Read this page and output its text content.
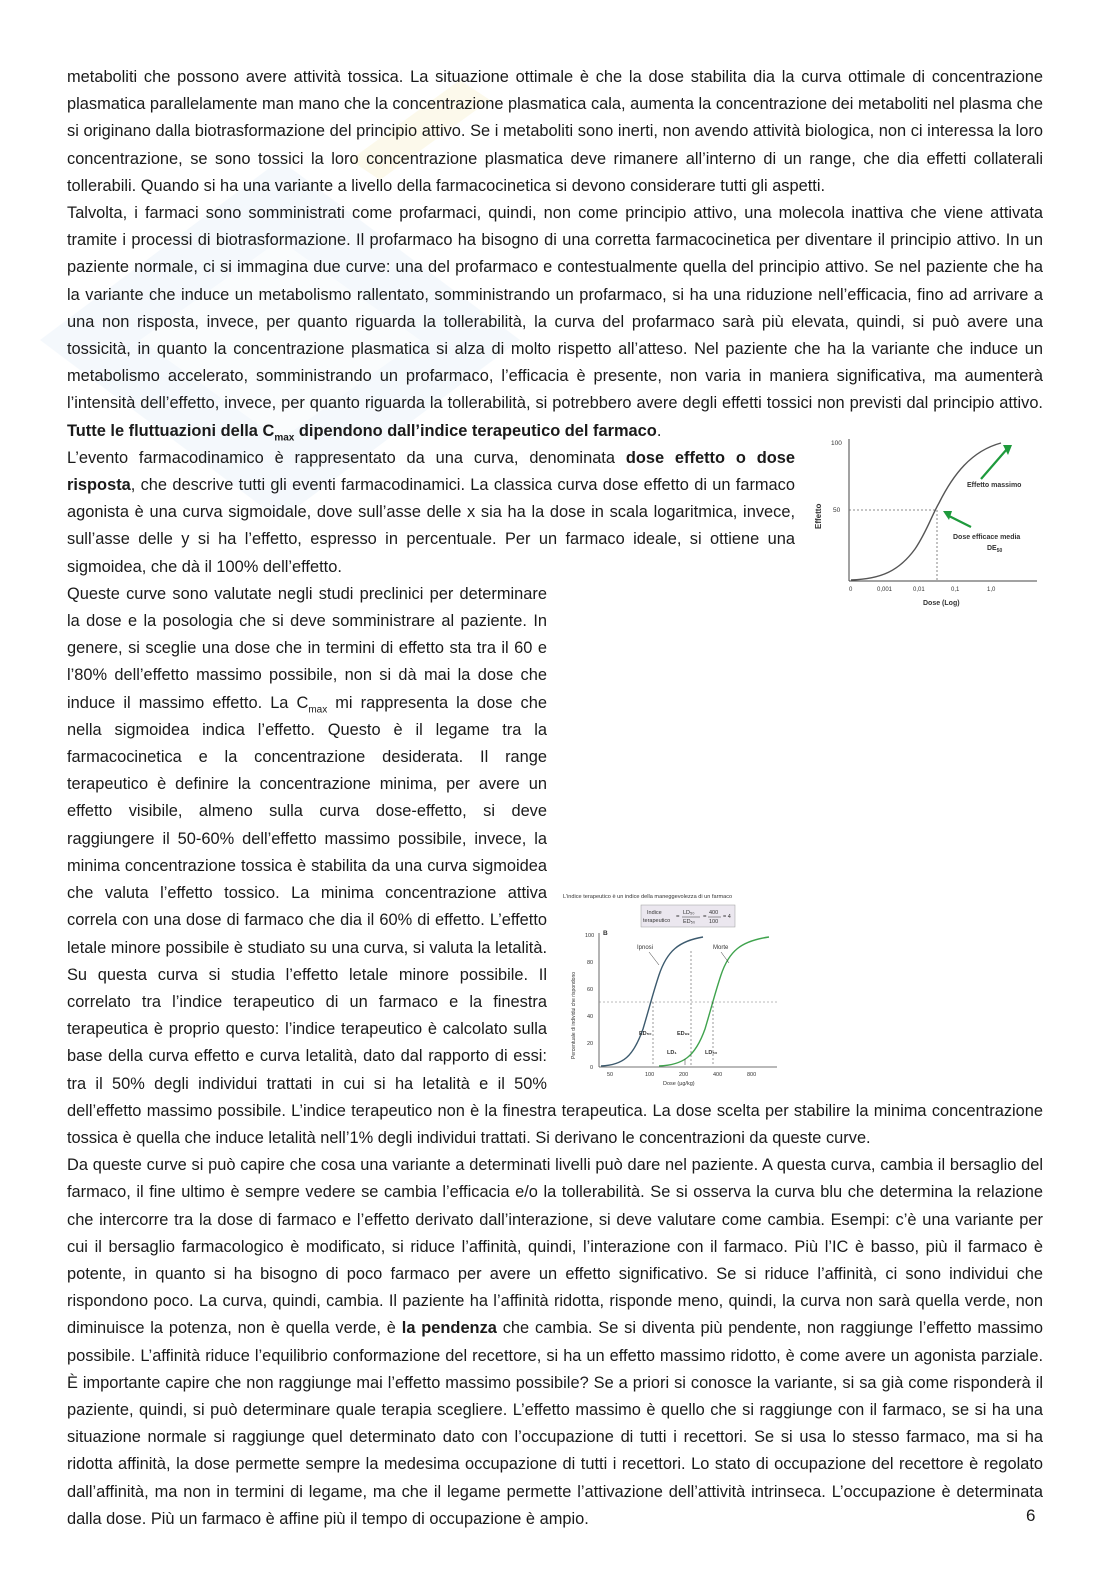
metaboliti che possono avere attività tossica. La situazione ottimale è che la dose stabilita dia la curva ottimale di concentrazione plasmatica parallelamente man mano che la concentrazione plasmatica cala, aumenta la concentrazione dei metaboliti nel plasma che si originano dalla biotrasformazione del principio attivo. Se i metaboliti sono inerti, non avendo attività biologica, non ci interessa la loro concentrazione, se sono tossici la loro concentrazione plasmatica deve rimanere all’interno di un range, che dia effetti collaterali tollerabili. Quando si ha una variante a livello della farmacocinetica si devono considerare tutti gli aspetti.

Talvolta, i farmaci sono somministrati come profarmaci, quindi, non come principio attivo, una molecola inattiva che viene attivata tramite i processi di biotrasformazione. Il profarmaco ha bisogno di una corretta farmacocinetica per diventare il principio attivo. In un paziente normale, ci si immagina due curve: una del profarmaco e contestualmente quella del principio attivo. Se nel paziente che ha la variante che induce un metabolismo rallentato, somministrando un profarmaco, si ha una riduzione nell’efficacia, fino ad arrivare a una non risposta, invece, per quanto riguarda la tollerabilità, la curva del profarmaco sarà più elevata, quindi, si può avere una tossicità, in quanto la concentrazione plasmatica si alza di molto rispetto all’atteso. Nel paziente che ha la variante che induce un metabolismo accelerato, somministrando un profarmaco, l’efficacia è presente, non varia in maniera significativa, ma aumenterà l’intensità dell’effetto, invece, per quanto riguarda la tollerabilità, si potrebbero avere degli effetti tossici non previsti dal principio attivo. Tutte le fluttuazioni della $C_{max}$ dipendono dall’indice terapeutico del farmaco.

100
50
Effetto
Effetto massimo
Dose efficace media
$DE_{50}$
0	0,001	0,01	0,1	1,0
Dose (Log)

L’evento farmacodinamico è rappresentato da una curva, denominata dose effetto o dose risposta, che descrive tutti gli eventi farmacodinamici. La classica curva dose effetto di un farmaco agonista è una curva sigmoidale, dove sull’asse delle x sia ha la dose in scala logaritmica, invece, sull’asse delle y si ha l’effetto, espresso in percentuale. Per un farmaco ideale, si ottiene una sigmoidea, che dà il 100% dell’effetto.

L’indice terapeutico è un indice della maneggevolezza di un farmaco
Indice
terapeutico
=
LD₅₀
ED₅₀
=
400
100
= 4
B
100
80
60
40
20
0
Percentuale di individui che rispondono
Ipnosi	Morte
ED₅₀	ED₉₉
LD₁	LD₅₀
50	100	200	400	800
Dose (µg/kg)

Queste curve sono valutate negli studi preclinici per determinare la dose e la posologia che si deve somministrare al paziente. In genere, si sceglie una dose che in termini di effetto sta tra il 60 e l’80% dell’effetto massimo possibile, non si dà mai la dose che induce il massimo effetto. La $C_{max}$ mi rappresenta la dose che nella sigmoidea indica l’effetto. Questo è il legame tra la farmacocinetica e la concentrazione desiderata. Il range terapeutico è definire la concentrazione minima, per avere un effetto visibile, almeno sulla curva dose-effetto, si deve raggiungere il 50-60% dell’effetto massimo possibile, invece, la minima concentrazione tossica è stabilita da una curva sigmoidea che valuta l’effetto tossico. La minima concentrazione attiva correla con una dose di farmaco che dia il 60% di effetto. L’effetto letale minore possibile è studiato su una curva, si valuta la letalità. Su questa curva si studia l’effetto letale minore possibile. Il correlato tra l’indice terapeutico di un farmaco e la finestra terapeutica è proprio questo: l’indice terapeutico è calcolato sulla base della curva effetto e curva letalità, dato dal rapporto di essi: tra il 50% degli individui trattati in cui si ha letalità e il 50% dell’effetto massimo possibile. L’indice terapeutico non è la finestra terapeutica. La dose scelta per stabilire la minima concentrazione tossica è quella che induce letalità nell’1% degli individui trattati. Si derivano le concentrazioni da queste curve.

Da queste curve si può capire che cosa una variante a determinati livelli può dare nel paziente. A questa curva, cambia il bersaglio del farmaco, il fine ultimo è sempre vedere se cambia l’efficacia e/o la tollerabilità. Se si osserva la curva blu che determina la relazione che intercorre tra la dose di farmaco e l’effetto derivato dall’interazione, si deve valutare come cambia. Esempi: c’è una variante per cui il bersaglio farmacologico è modificato, si riduce l’affinità, quindi, l’interazione con il farmaco. Più l’IC è basso, più il farmaco è potente, in quanto si ha bisogno di poco farmaco per avere un effetto significativo. Se si riduce l’affinità, ci sono individui che rispondono poco. La curva, quindi, cambia. Il paziente ha l’affinità ridotta, risponde meno, quindi, la curva non sarà quella verde, non diminuisce la potenza, non è quella verde, è la pendenza che cambia. Se si diventa più pendente, non raggiunge l’effetto massimo possibile. L’affinità riduce l’equilibrio conformazione del recettore, si ha un effetto massimo ridotto, è come avere un agonista parziale. È importante capire che non raggiunge mai l’effetto massimo possibile? Se a priori si conosce la variante, si sa già come risponderà il paziente, quindi, si può determinare quale terapia scegliere. L’effetto massimo è quello che si raggiunge con il farmaco, se si ha una situazione normale si raggiunge quel determinato dato con l’occupazione di tutti i recettori. Se si usa lo stesso farmaco, ma si ha ridotta affinità, la dose permette sempre la medesima occupazione di tutti i recettori. Lo stato di occupazione del recettore è regolato dall’affinità, ma non in termini di legame, ma che il legame permette l’attivazione dell’attività intrinseca. L’occupazione è determinata dalla dose. Più un farmaco è affine più il tempo di occupazione è ampio.	6
